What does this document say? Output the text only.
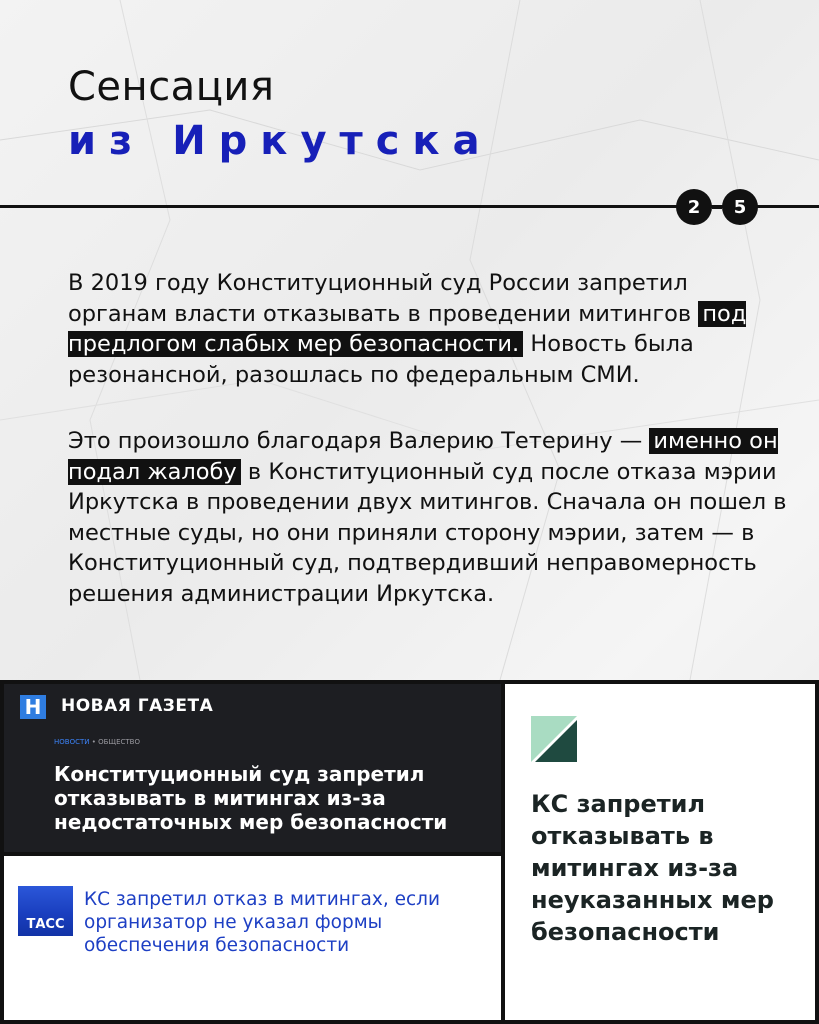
Сенсация
из Иркутска
2	5

В 2019 году Конституционный суд России запретил органам власти отказывать в проведении митингов под предлогом слабых мер безопасности. Новость была резонансной, разошлась по федеральным СМИ.

Это произошло благодаря Валерию Тетерину — именно он подал жалобу в Конституционный суд после отказа мэрии Иркутска в проведении двух митингов. Сначала он пошел в местные суды, но они приняли сторону мэрии, затем — в Конституционный суд, подтвердивший неправомерность решения администрации Иркутска.

Н НОВАЯ ГАЗЕТА
НОВОСТИ • ОБЩЕСТВО
Конституционный суд запретил отказывать в митингах из-за недостаточных мер безопасности
ТАСС
КС запретил отказ в митингах, если организатор не указал формы обеспечения безопасности
КС запретил отказывать в митингах из-за неуказанных мер безопасности
